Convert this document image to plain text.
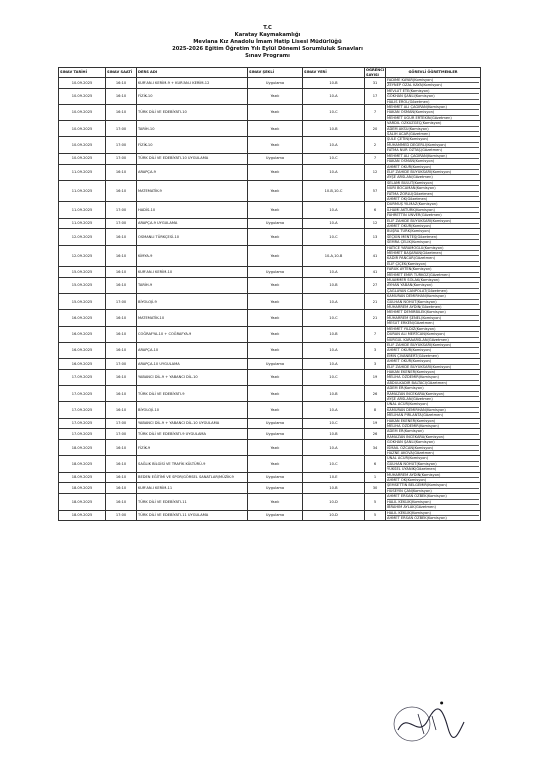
T.C
Karatay Kaymakamlığı
Mevlana Kız Anadolu İmam Hatip Lisesi Müdürlüğü
2025-2026 Eğitim Öğretim Yılı Eylül Dönemi Sorumluluk Sınavları
Sınav Programı
SINAV TARİHİ	SINAV SAATİ	DERS ADI	SINAV ŞEKLİ	SINAV YERİ	ÖĞRENCİ SAYISI	GÖREVLİ ÖĞRETMENLER
10.09.2025	16:10	KUR'AN-I KERİM-9 + KUR'AN-I KERİM-12	Uygulama	10-B	31	FADİME KAYAR(Komisyon)
ZEYNEP ÖZAL KAYA(Komisyon)

10.09.2025	16:10	FİZİK-10	Yazılı	10-A	17	MEVLÜT ETE(Komisyon)
GÖKHAN ŞANLI(Komisyon)
HALİS EROL(Gözetmen)

10.09.2025	16:10	TÜRK DİLİ VE EDEBİYATI-10	Yazılı	10-C	7	MEHMET ALİ ÇAĞIRAN(Komisyon)
HAKAN OSMAN(Komisyon)
MEHMET UĞUR ERTEKİN(Gözetmen)

10.09.2025	17:00	TARİH-10	Yazılı	10-B	20	VARDİL ÖZKUZGEÇ(Komisyon)
ADEM AKSU(Komisyon)
SALİH ACAR(Gözetmen)

10.09.2025	17:00	FİZİK-10	Yazılı	10-A	2	ŞULE ÇETİN(Komisyon)
MUHAMMED DEĞERLİ(Komisyon)
FATMA NUR ÖZTAŞ(Gözetmen)

10.09.2025	17:00	TÜRK DİLİ VE EDEBİYATI-10 UYGULAMA	Uygulama	10-C	7	MEHMET ALİ ÇAĞIRAN(Komisyon)
HAKAN OSMAN(Komisyon)

11.09.2025	16:10	ARAPÇA-9	Yazılı	10-A	12	AHMET OKUR(Komisyon)
ELİF ZAHİDE BÜYÜKSARI(Komisyon)
AYŞE ARSLAN(Gözetmen)

11.09.2025	16:10	MATEMATİK-9	Yazılı	10-B,10-C	57	SELAMİ BULUT(Komisyon)
NURİ BOCAMAN(Komisyon)
FATMA ZORLU(Gözetmen)
AHMET OK(Gözetmen)

11.09.2025	17:00	HADİS-10	Yazılı	10-A	6	DURMUŞ YILMAZ(Komisyon)
İLHAMİ AKTÜRK(Komisyon)
FAHRETTİN ÜNVER(Gözetmen)

11.09.2025	17:00	ARAPÇA-9 UYGULAMA	Uygulama	10-A	12	ELİF ZAHİDE BÜYÜKSARI(Komisyon)
AHMET OKUR(Komisyon)

12.09.2025	16:10	OSMANLI TÜRKÇESİ-10	Yazılı	10-C	13	BÜŞRA TÜRK(Komisyon)
SEÇKİN MENTEŞ(Gözetmen)
SEMRA ÇELİK(Komisyon)

12.09.2025	16:10	KİMYA-9	Yazılı	10-A,10-B	41	HATİCE YARAMOĞLU(Komisyon)
MEHMET BAŞARAN(Gözetmen)
KADİR PANCAR(Gözetmen)
ELİF ÇİÇEK(Komisyon)

15.09.2025	16:10	KUR'AN-I KERİM-10	Uygulama	10-A	41	FARUK AYTEN(Komisyon)
MEHMET EMİR TÜRKÖZ(Gözetmen)

15.09.2025	16:10	TARİH-9	Yazılı	10-B	27	MUAMMER SOLAK(Komisyon)
AYHAN YABAN(Komisyon)
ÇAĞLAYAN CANPOLAT(Gözetmen)

15.09.2025	17:00	BİYOLOJİ-9	Yazılı	10-A	21	KAMURAN DEMİRHAN(Komisyon)
GÜLHAN NOHUT(Komisyon)
MUHARREM AYDIN(Gözetmen)

16.09.2025	16:10	MATEMATİK-10	Yazılı	10-C	21	MEHMET DEMİRBİLEK(Komisyon)
MUHARREM ŞENEL(Komisyon)
MESUT ERKEN(Gözetmen)

16.09.2025	16:10	COĞRAFYA-10 + COĞRAFYA-9	Yazılı	10-B	7	MEHMET YILDIZ(Komisyon)
DURAN ALİ MERTCAN(Komisyon)
NURGÜL KARAARSLAN(Gözetmen)

16.09.2025	16:10	ARAPÇA-10	Yazılı	10-A	3	ELİF ZAHİDE BÜYÜKSARI(Komisyon)
AHMET OKUR(Komisyon)
EMİN ÇİVANBERT(Gözetmen)

16.09.2025	17:00	ARAPÇA-10 UYGULAMA	Uygulama	10-A	3	AHMET OKUR(Komisyon)
ELİF ZAHİDE BÜYÜKSARI(Komisyon)

17.09.2025	16:10	YABANCI DİL-9 + YABANCI DİL-10	Yazılı	10-C	19	HAKAN EKENER(Komisyon)
MELİHA ÖZDEMİR(Komisyon)
ABDULKADİR BALTACI(Gözetmen)

17.09.2025	16:10	TÜRK DİLİ VE EDEBİYATI-9	Yazılı	10-B	26	ADEM ER(Komisyon)
RAMAZAN İNCEKARA(Komisyon)
AYŞE ARSLAN(Gözetmen)

17.09.2025	16:10	BİYOLOJİ-10	Yazılı	10-A	8	ÜNAL ACUR(Komisyon)
KAMURAN DEMİRHAN(Komisyon)
MELİHAN PIRLANTA(Gözetmen)

17.09.2025	17:00	YABANCI DİL-9 + YABANCI DİL-10 UYGULAMA	Uygulama	10-C	19	HAKAN EKENER(Komisyon)
MELİHA ÖZDEMİR(Komisyon)

17.09.2025	17:00	TÜRK DİLİ VE EDEBİYATI-9 UYGULAMA	Uygulama	10-B	26	ADEM ER(Komisyon)
RAMAZAN İNCEKARA(Komisyon)

18.09.2025	16:10	FİZİK-9	Yazılı	10-A	34	GÖKHAN ŞANLI(Komisyon)
İSMAİL ÖZCAN(Komisyon)
HAZNE AKOVA(Gözetmen)

18.09.2025	16:10	SAĞLIK BİLGİSİ VE TRAFİK KÜLTÜRÜ-9	Yazılı	10-C	6	ÜNAL ACUR(Komisyon)
GÜLHAN NOHUT(Komisyon)
YÜKSEL UYANIK(Gözetmen)

18.09.2025	16:10	BEDEN EĞİTİMİ VE SPOR/GÖRSEL SANATLAR/MÜZİK-9	Uygulama	10-E	1	MUHARREM AYDIN(Komisyon)
AHMET OK(Komisyon)

18.09.2025	16:10	KUR'AN-I KERİM-11	Uygulama	10-B	30	ŞEMSETTİN BELGEMİR(Komisyon)
HÜSEYİN ÇAN(Komisyon)

18.09.2025	16:10	TÜRK DİLİ VE EDEBİYATI-11	Yazılı	10-D	5	AHMET ERSAN ÖZBEK(Komisyon)
HALİL KEKLİK(Komisyon)
İBRAHİM AYLAK(Gözetmen)

18.09.2025	17:00	TÜRK DİLİ VE EDEBİYATI-11 UYGULAMA	Uygulama	10-D	5	HALİL KEKLİK(Komisyon)
AHMET ERSAN ÖZBEK(Komisyon)
●
